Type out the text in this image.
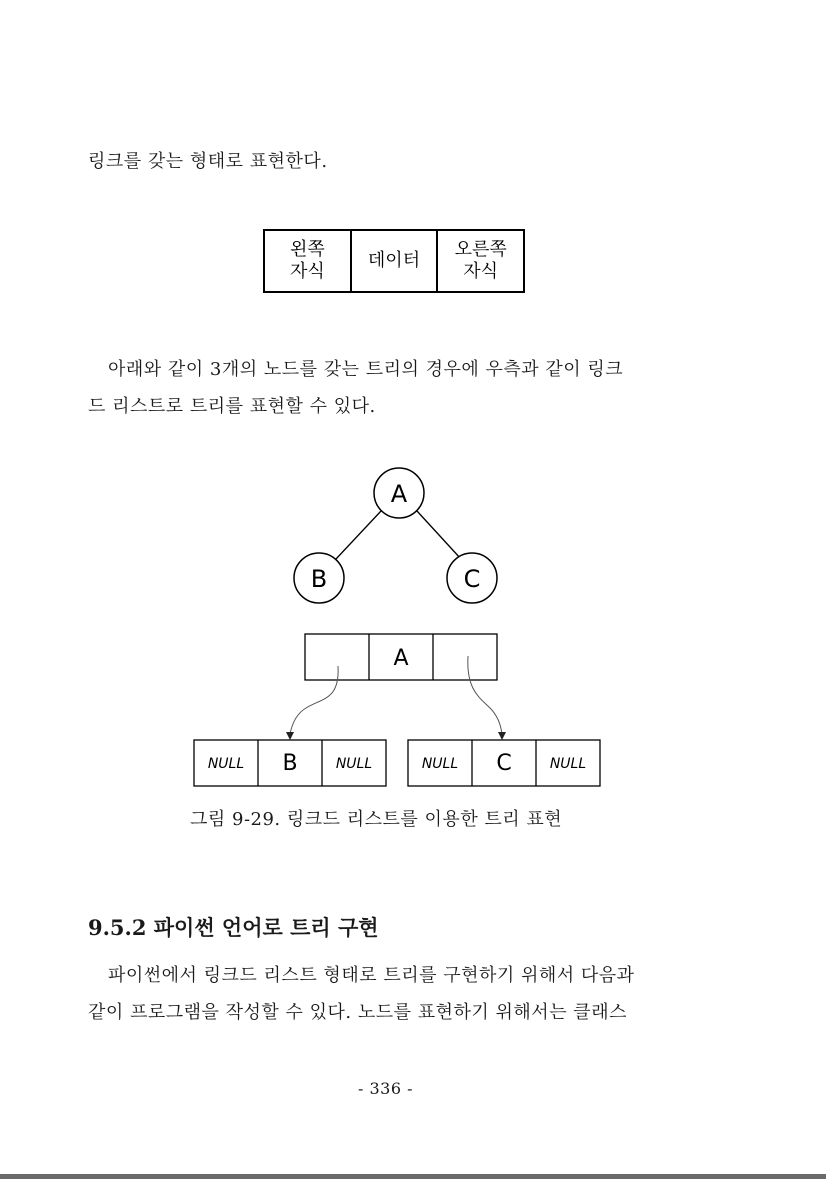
링크를 갖는 형태로 표현한다.
왼쪽
자식
데이터
오른쪽
자식
아래와 같이 3개의 노드를 갖는 트리의 경우에 우측과 같이 링크
드 리스트로 트리를 표현할 수 있다.
A
B	C
A
NULL B	NULL	NULL C	NULL
그림 9-29. 링크드 리스트를 이용한 트리 표현
9.5.2 파이썬 언어로 트리 구현
파이썬에서 링크드 리스트 형태로 트리를 구현하기 위해서 다음과
같이 프로그램을 작성할 수 있다. 노드를 표현하기 위해서는 클래스
- 336 -
